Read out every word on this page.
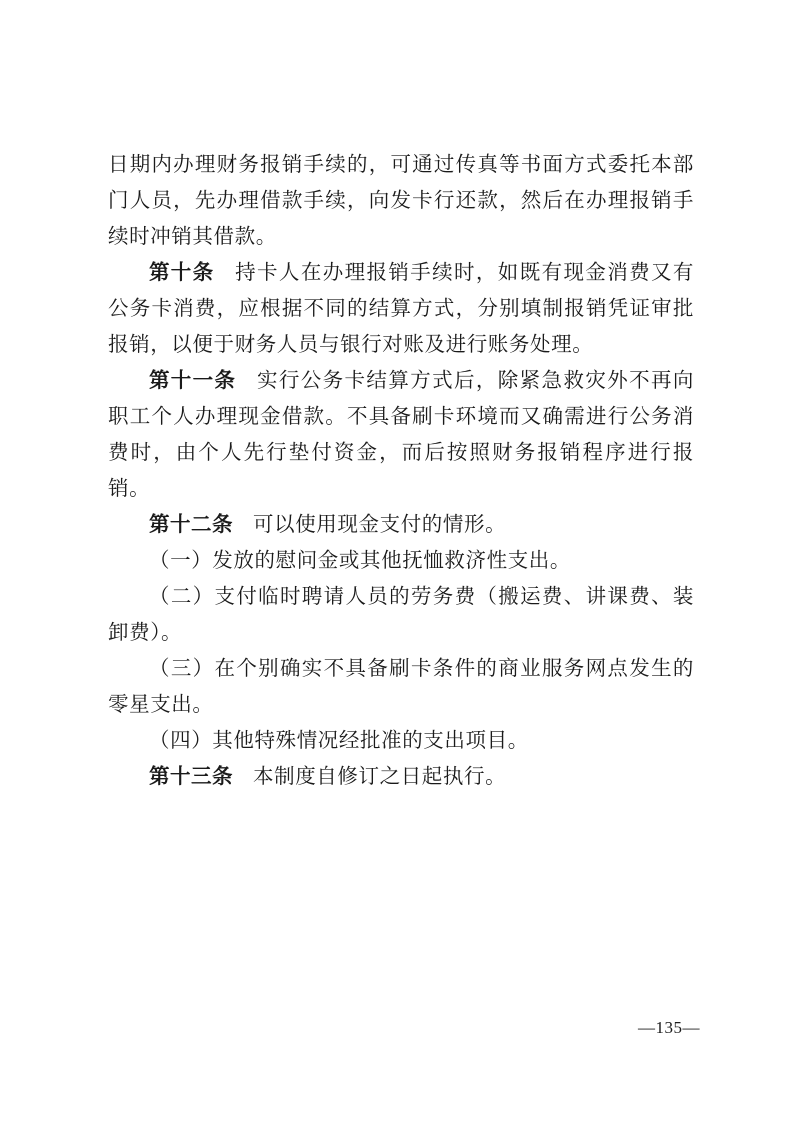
日期内办理财务报销手续的，可通过传真等书面方式委托本部门人员，先办理借款手续，向发卡行还款，然后在办理报销手续时冲销其借款。

第十条 持卡人在办理报销手续时，如既有现金消费又有公务卡消费，应根据不同的结算方式，分别填制报销凭证审批报销，以便于财务人员与银行对账及进行账务处理。

第十一条 实行公务卡结算方式后，除紧急救灾外不再向职工个人办理现金借款。不具备刷卡环境而又确需进行公务消费时，由个人先行垫付资金，而后按照财务报销程序进行报销。

第十二条 可以使用现金支付的情形。

（一）发放的慰问金或其他抚恤救济性支出。

（二）支付临时聘请人员的劳务费（搬运费、讲课费、装卸费）。

（三）在个别确实不具备刷卡条件的商业服务网点发生的零星支出。

（四）其他特殊情况经批准的支出项目。

第十三条 本制度自修订之日起执行。

—135—
